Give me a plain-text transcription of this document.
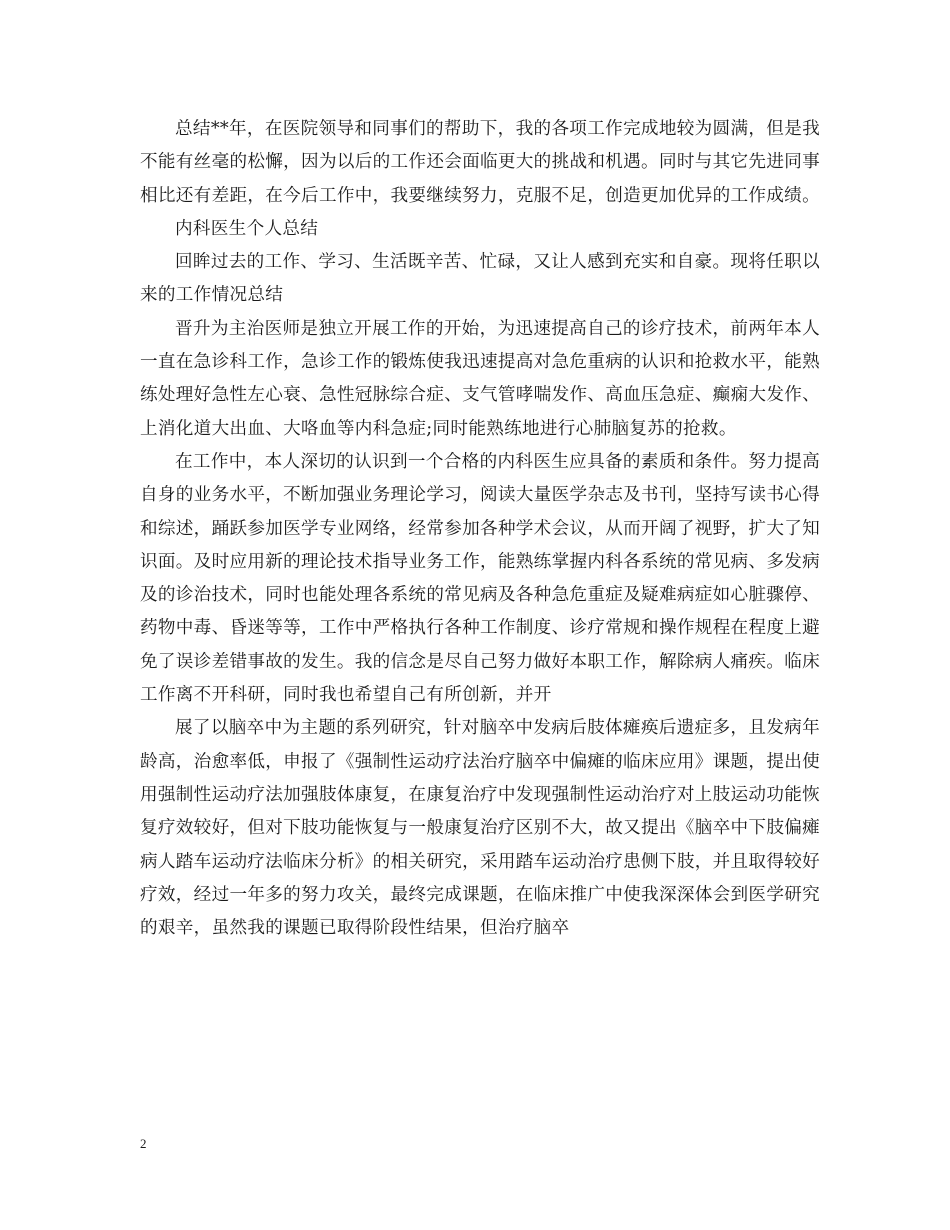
总结**年，在医院领导和同事们的帮助下，我的各项工作完成地较为圆满，但是我不能有丝毫的松懈，因为以后的工作还会面临更大的挑战和机遇。同时与其它先进同事相比还有差距，在今后工作中，我要继续努力，克服不足，创造更加优异的工作成绩。

内科医生个人总结

回眸过去的工作、学习、生活既辛苦、忙碌，又让人感到充实和自豪。现将任职以来的工作情况总结

晋升为主治医师是独立开展工作的开始，为迅速提高自己的诊疗技术，前两年本人一直在急诊科工作，急诊工作的锻炼使我迅速提高对急危重病的认识和抢救水平，能熟练处理好急性左心衰、急性冠脉综合症、支气管哮喘发作、高血压急症、癫痫大发作、上消化道大出血、大咯血等内科急症;同时能熟练地进行心肺脑复苏的抢救。

在工作中，本人深切的认识到一个合格的内科医生应具备的素质和条件。努力提高自身的业务水平，不断加强业务理论学习，阅读大量医学杂志及书刊，坚持写读书心得和综述，踊跃参加医学专业网络，经常参加各种学术会议，从而开阔了视野，扩大了知识面。及时应用新的理论技术指导业务工作，能熟练掌握内科各系统的常见病、多发病及的诊治技术，同时也能处理各系统的常见病及各种急危重症及疑难病症如心脏骤停、药物中毒、昏迷等等，工作中严格执行各种工作制度、诊疗常规和操作规程在程度上避免了误诊差错事故的发生。我的信念是尽自己努力做好本职工作，解除病人痛疾。临床工作离不开科研，同时我也希望自己有所创新，并开

展了以脑卒中为主题的系列研究，针对脑卒中发病后肢体瘫痪后遗症多，且发病年龄高，治愈率低，申报了《强制性运动疗法治疗脑卒中偏瘫的临床应用》课题，提出使用强制性运动疗法加强肢体康复，在康复治疗中发现强制性运动治疗对上肢运动功能恢复疗效较好，但对下肢功能恢复与一般康复治疗区别不大，故又提出《脑卒中下肢偏瘫病人踏车运动疗法临床分析》的相关研究，采用踏车运动治疗患侧下肢，并且取得较好疗效，经过一年多的努力攻关，最终完成课题，在临床推广中使我深深体会到医学研究的艰辛，虽然我的课题已取得阶段性结果，但治疗脑卒

2
